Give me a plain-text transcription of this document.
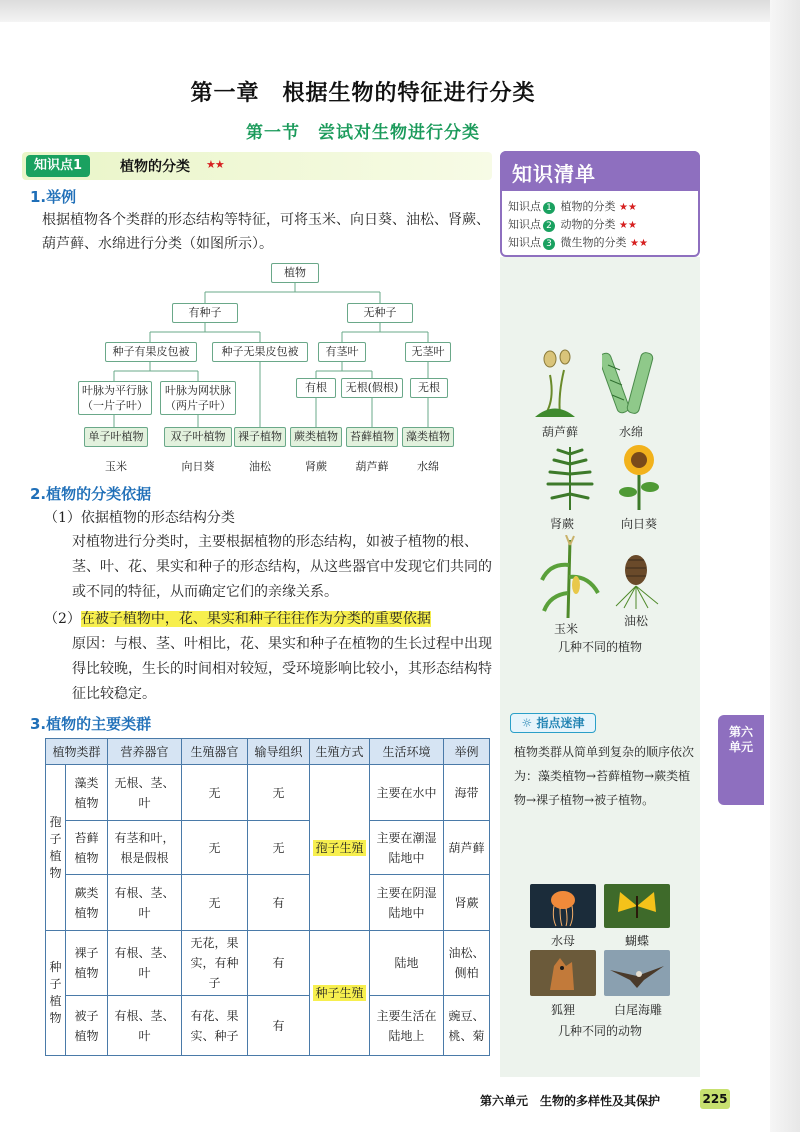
第一章　根据生物的特征进行分类
第一节　尝试对生物进行分类
知识点1	植物的分类 ★★
1.举例
根据植物各个类群的形态结构等特征，可将玉米、向日葵、油松、肾蕨、葫芦藓、水绵进行分类（如图所示）。
植物
有种子	无种子
种子有果皮包被	种子无果皮包被	有茎叶	无茎叶
叶脉为平行脉
（一片子叶）
叶脉为网状脉
（两片子叶）
有根	无根(假根)	无根
单子叶植物	双子叶植物	裸子植物	蕨类植物	苔藓植物	藻类植物
玉米	向日葵	油松	肾蕨	葫芦藓	水绵
2.植物的分类依据
（1）依据植物的形态结构分类
对植物进行分类时，主要根据植物的形态结构，如被子植物的根、茎、叶、花、果实和种子的形态结构，从这些器官中发现它们共同的或不同的特征，从而确定它们的亲缘关系。
（2）在被子植物中，花、果实和种子往往作为分类的重要依据
原因：与根、茎、叶相比，花、果实和种子在植物的生长过程中出现得比较晚，生长的时间相对较短，受环境影响比较小，其形态结构特征比较稳定。
3.植物的主要类群
植物类群		营养器官	生殖器官	输导组织	生殖方式	生活环境	举例
孢子植物	藻类植物	无根、茎、叶	无	无	孢子生殖	主要在水中	海带
	苔藓植物	有茎和叶，根是假根	无	无		主要在潮湿陆地中	葫芦藓
	蕨类植物	有根、茎、叶	无	有		主要在阴湿陆地中	肾蕨
种子植物	裸子植物	有根、茎、叶	无花，果实，有种子	有	种子生殖	陆地	油松、侧柏
	被子植物	有根、茎、叶	有花、果实、种子	有		主要生活在陆地上	豌豆、桃、菊
知识清单
知识点 1 植物的分类 ★★
知识点 2 动物的分类 ★★
知识点 3 微生物的分类 ★★
葫芦藓	水绵
肾蕨	向日葵
玉米
油松
几种不同的植物
☼ 指点迷津
植物类群从简单到复杂的顺序依次为：藻类植物→苔藓植物→蕨类植物→裸子植物→被子植物。
水母	蝴蝶
狐狸	白尾海雕
几种不同的动物
第六
单元
第六单元　生物的多样性及其保护	225
